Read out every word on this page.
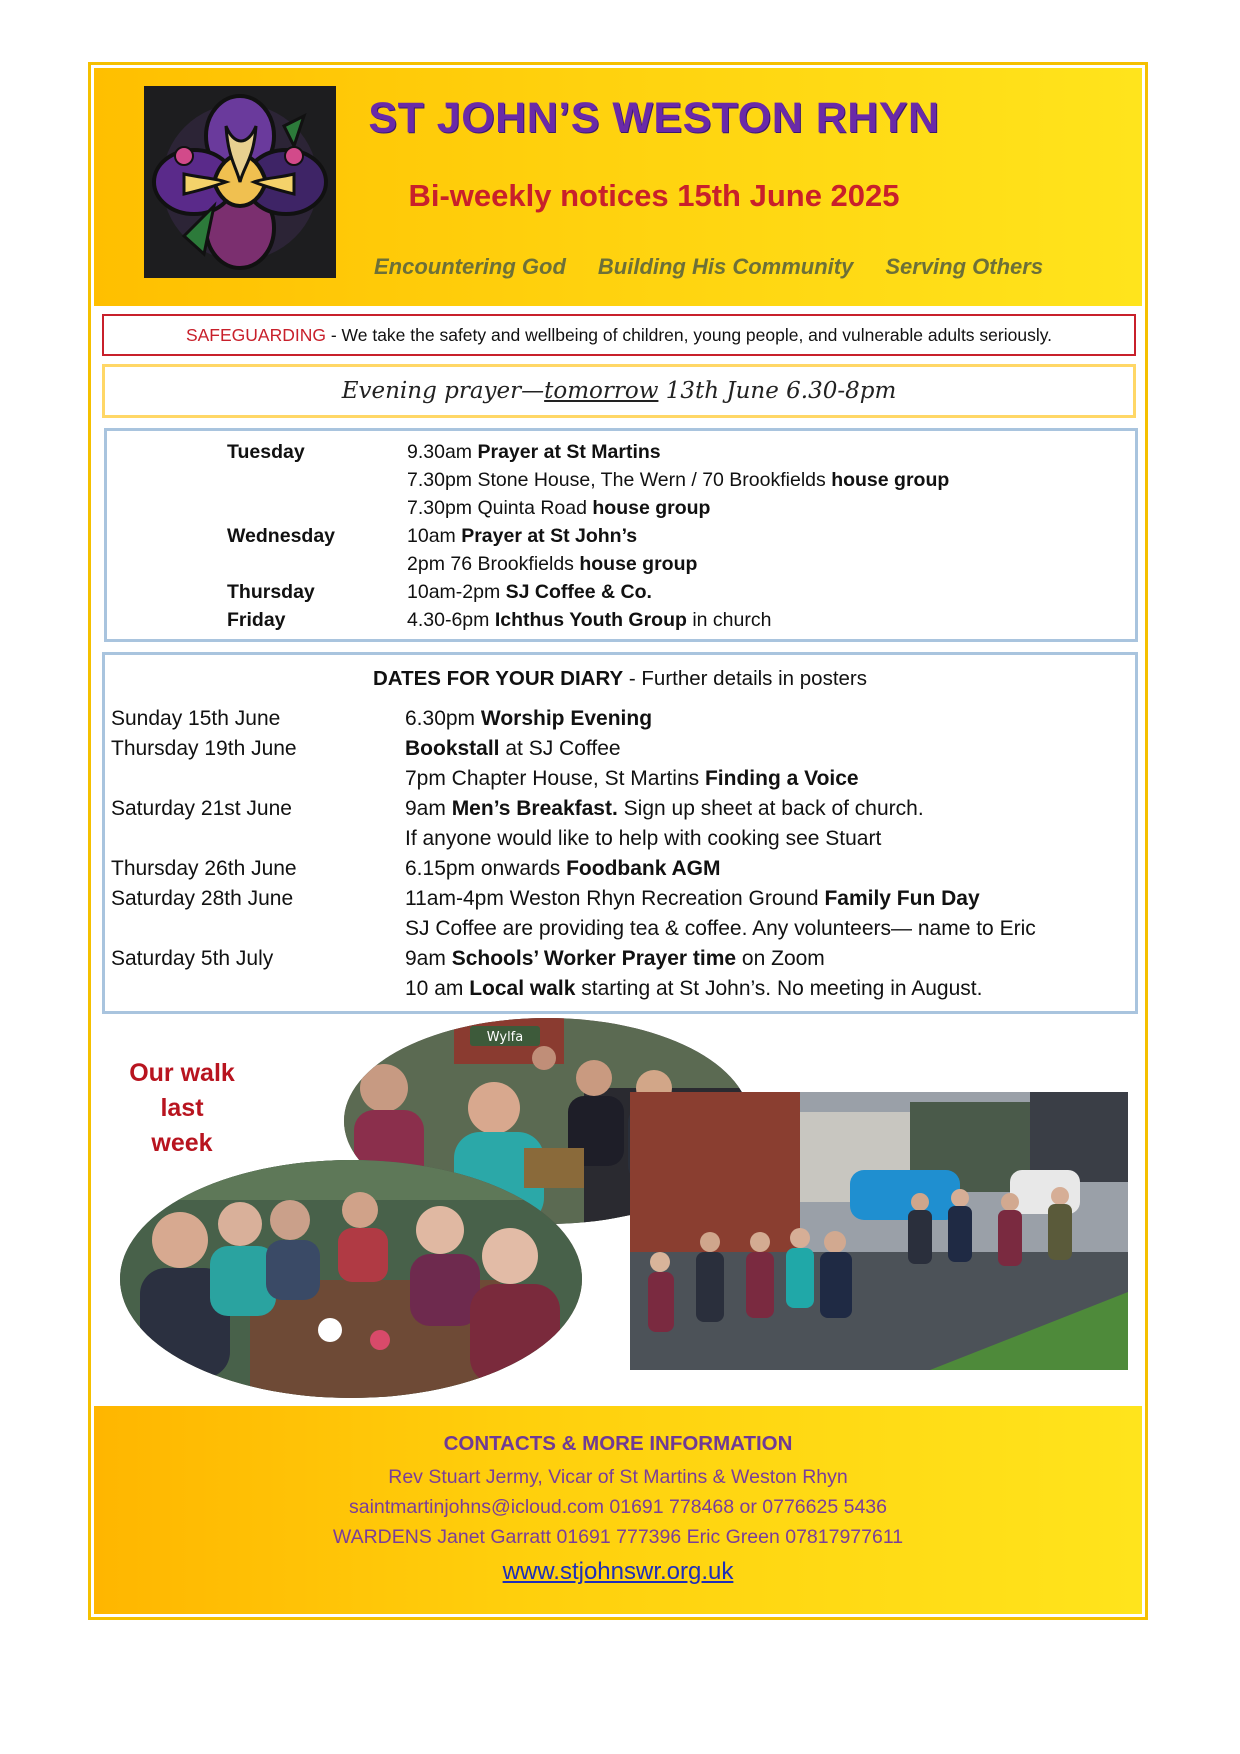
ST JOHN’S WESTON RHYN
Bi-weekly notices 15th June 2025
Encountering God Building His Community Serving Others
SAFEGUARDING - We take the safety and wellbeing of children, young people, and vulnerable adults seriously.
Evening prayer—tomorrow 13th June 6.30-8pm
Tuesday	9.30am Prayer at St Martins
7.30pm Stone House, The Wern / 70 Brookfields house group
7.30pm Quinta Road house group
Wednesday	10am Prayer at St John’s
2pm 76 Brookfields house group
Thursday	10am-2pm SJ Coffee & Co.
Friday	4.30-6pm Ichthus Youth Group in church
DATES FOR YOUR DIARY - Further details in posters
Sunday 15th June	6.30pm Worship Evening
Thursday 19th June	Bookstall at SJ Coffee
7pm Chapter House, St Martins Finding a Voice
Saturday 21st June	9am Men’s Breakfast. Sign up sheet at back of church.
If anyone would like to help with cooking see Stuart
Thursday 26th June	6.15pm onwards Foodbank AGM
Saturday 28th June	11am-4pm Weston Rhyn Recreation Ground Family Fun Day
SJ Coffee are providing tea & coffee. Any volunteers— name to Eric
Saturday 5th July	9am Schools’ Worker Prayer time on Zoom
10 am Local walk starting at St John’s. No meeting in August.
Our walk
last
week
Wylfa
CONTACTS & MORE INFORMATION
Rev Stuart Jermy, Vicar of St Martins & Weston Rhyn
saintmartinjohns@icloud.com 01691 778468 or 0776625 5436
WARDENS Janet Garratt 01691 777396 Eric Green 07817977611
www.stjohnswr.org.uk
